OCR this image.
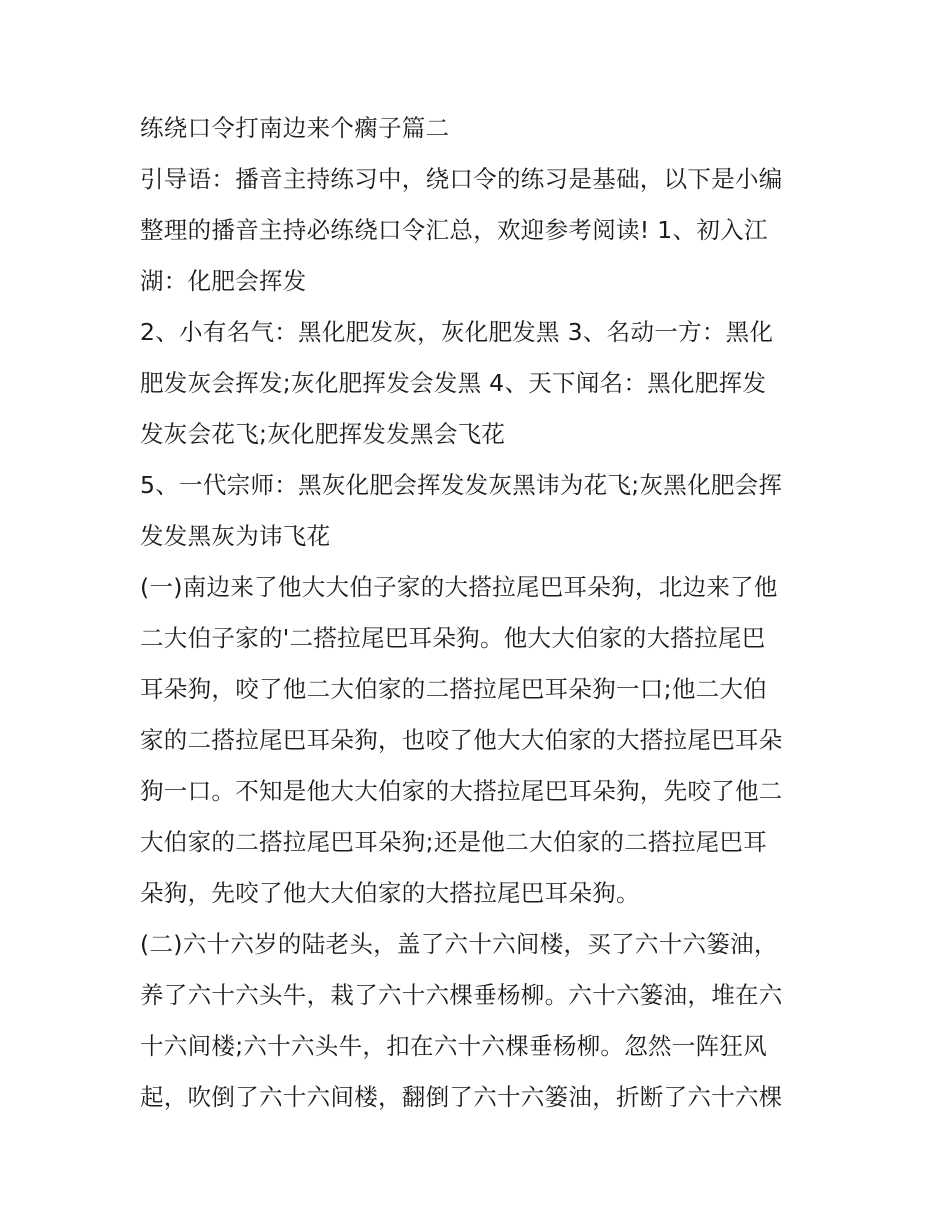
练绕口令打南边来个瘸子篇二
引导语：播音主持练习中，绕口令的练习是基础，以下是小编
整理的播音主持必练绕口令汇总，欢迎参考阅读! 1、初入江
湖：化肥会挥发
2、小有名气：黑化肥发灰，灰化肥发黑 3、名动一方：黑化
肥发灰会挥发;灰化肥挥发会发黑 4、天下闻名：黑化肥挥发
发灰会花飞;灰化肥挥发发黑会飞花
5、一代宗师：黑灰化肥会挥发发灰黑讳为花飞;灰黑化肥会挥
发发黑灰为讳飞花
(一)南边来了他大大伯子家的大搭拉尾巴耳朵狗，北边来了他
二大伯子家的'二搭拉尾巴耳朵狗。他大大伯家的大搭拉尾巴
耳朵狗，咬了他二大伯家的二搭拉尾巴耳朵狗一口;他二大伯
家的二搭拉尾巴耳朵狗，也咬了他大大伯家的大搭拉尾巴耳朵
狗一口。不知是他大大伯家的大搭拉尾巴耳朵狗，先咬了他二
大伯家的二搭拉尾巴耳朵狗;还是他二大伯家的二搭拉尾巴耳
朵狗，先咬了他大大伯家的大搭拉尾巴耳朵狗。
(二)六十六岁的陆老头，盖了六十六间楼，买了六十六篓油，
养了六十六头牛，栽了六十六棵垂杨柳。六十六篓油，堆在六
十六间楼;六十六头牛，扣在六十六棵垂杨柳。忽然一阵狂风
起，吹倒了六十六间楼，翻倒了六十六篓油，折断了六十六棵
